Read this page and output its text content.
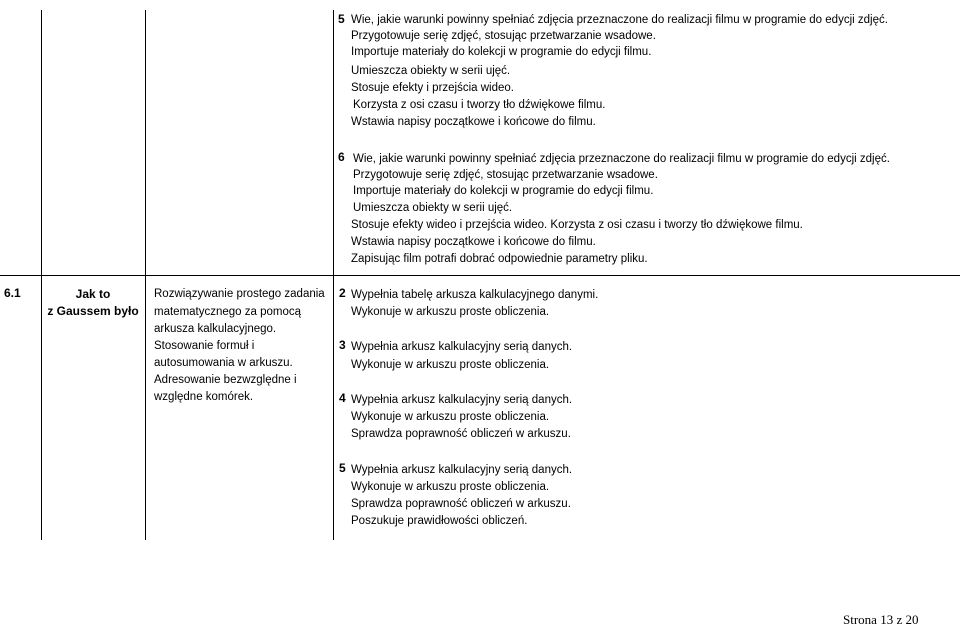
5 Wie, jakie warunki powinny spełniać zdjęcia przeznaczone do realizacji filmu w programie do edycji zdjęć.
Przygotowuje serię zdjęć, stosując przetwarzanie wsadowe.
Importuje materiały do kolekcji w programie do edycji filmu.
Umieszcza obiekty w serii ujęć.
Stosuje efekty i przejścia wideo.
Korzysta z osi czasu i tworzy tło dźwiękowe filmu.
Wstawia napisy początkowe i końcowe do filmu.
6 Wie, jakie warunki powinny spełniać zdjęcia przeznaczone do realizacji filmu w programie do edycji zdjęć.
Przygotowuje serię zdjęć, stosując przetwarzanie wsadowe.
Importuje materiały do kolekcji w programie do edycji filmu.
Umieszcza obiekty w serii ujęć.
Stosuje efekty wideo i przejścia wideo. Korzysta z osi czasu i tworzy tło dźwiękowe filmu.
Wstawia napisy początkowe i końcowe do filmu.
Zapisując film potrafi dobrać odpowiednie parametry pliku.
6.1	Jak to
z Gaussem było
Rozwiązywanie prostego zadania
matematycznego za pomocą
arkusza kalkulacyjnego.
Stosowanie formuł i
autosumowania w arkuszu.
Adresowanie bezwzględne i
względne komórek.
2 Wypełnia tabelę arkusza kalkulacyjnego danymi.
Wykonuje w arkuszu proste obliczenia.
3 Wypełnia arkusz kalkulacyjny serią danych.
Wykonuje w arkuszu proste obliczenia.
4 Wypełnia arkusz kalkulacyjny serią danych.
Wykonuje w arkuszu proste obliczenia.
Sprawdza poprawność obliczeń w arkuszu.
5 Wypełnia arkusz kalkulacyjny serią danych.
Wykonuje w arkuszu proste obliczenia.
Sprawdza poprawność obliczeń w arkuszu.
Poszukuje prawidłowości obliczeń.
Strona 13 z 20
